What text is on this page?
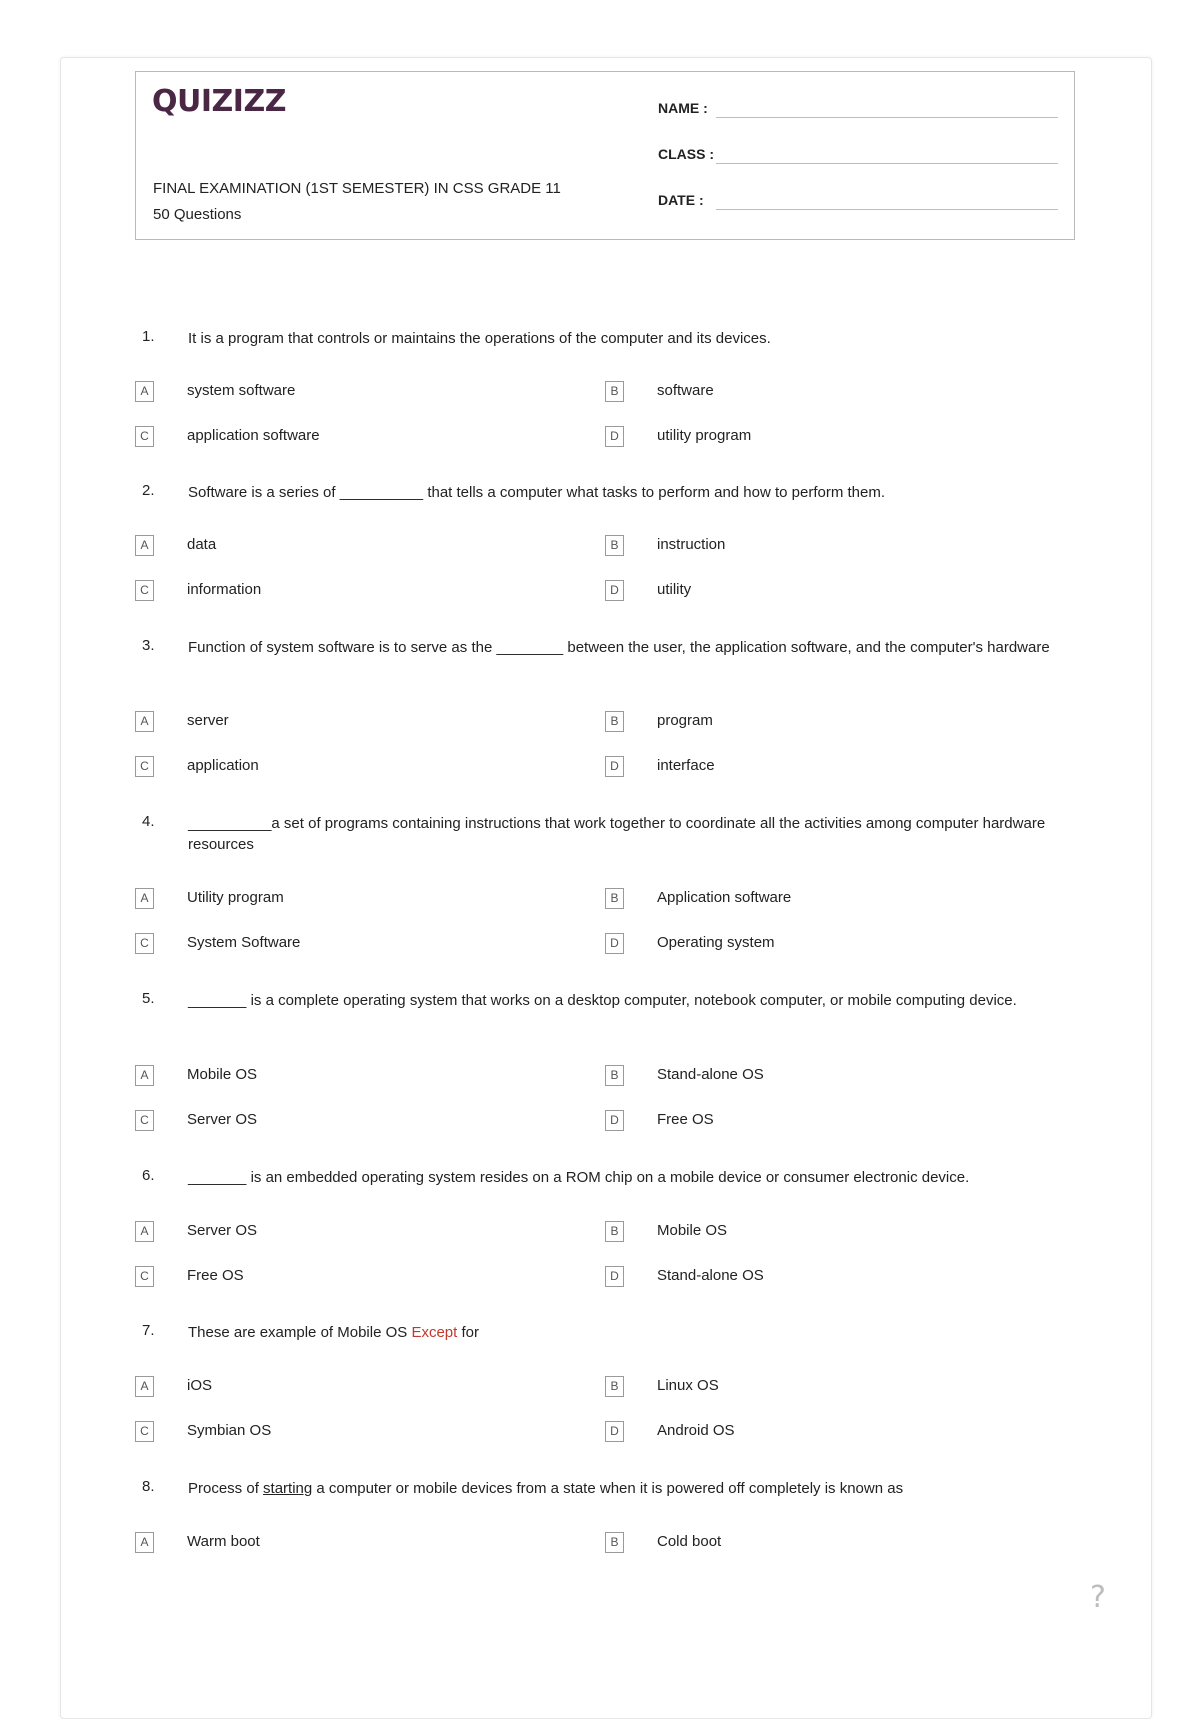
QUIZIZZ
FINAL EXAMINATION (1ST SEMESTER) IN CSS GRADE 11
50 Questions
NAME :
CLASS :
DATE :
1.	It is a program that controls or maintains the operations of the computer and its devices.
A	system software	B	software
C	application software	D	utility program
2.	Software is a series of __________ that tells a computer what tasks to perform and how to perform them.
A	data	B	instruction
C	information	D	utility
3.	Function of system software is to serve as the ________ between the user, the application software, and the computer's hardware
A	server	B	program
C	application	D	interface
4.	__________a set of programs containing instructions that work together to coordinate all the activities among computer hardware resources
A	Utility program	B	Application software
C	System Software	D	Operating system
5.	_______ is a complete operating system that works on a desktop computer, notebook computer, or mobile computing device.
A	Mobile OS	B	Stand-alone OS
C	Server OS	D	Free OS
6.	_______ is an embedded operating system resides on a ROM chip on a mobile device or consumer electronic device.
A	Server OS	B	Mobile OS
C	Free OS	D	Stand-alone OS
7.	These are example of Mobile OS Except for
A	iOS	B	Linux OS
C	Symbian OS	D	Android OS
8.	Process of starting a computer or mobile devices from a state when it is powered off completely is known as
A	Warm boot	B	Cold boot
?
